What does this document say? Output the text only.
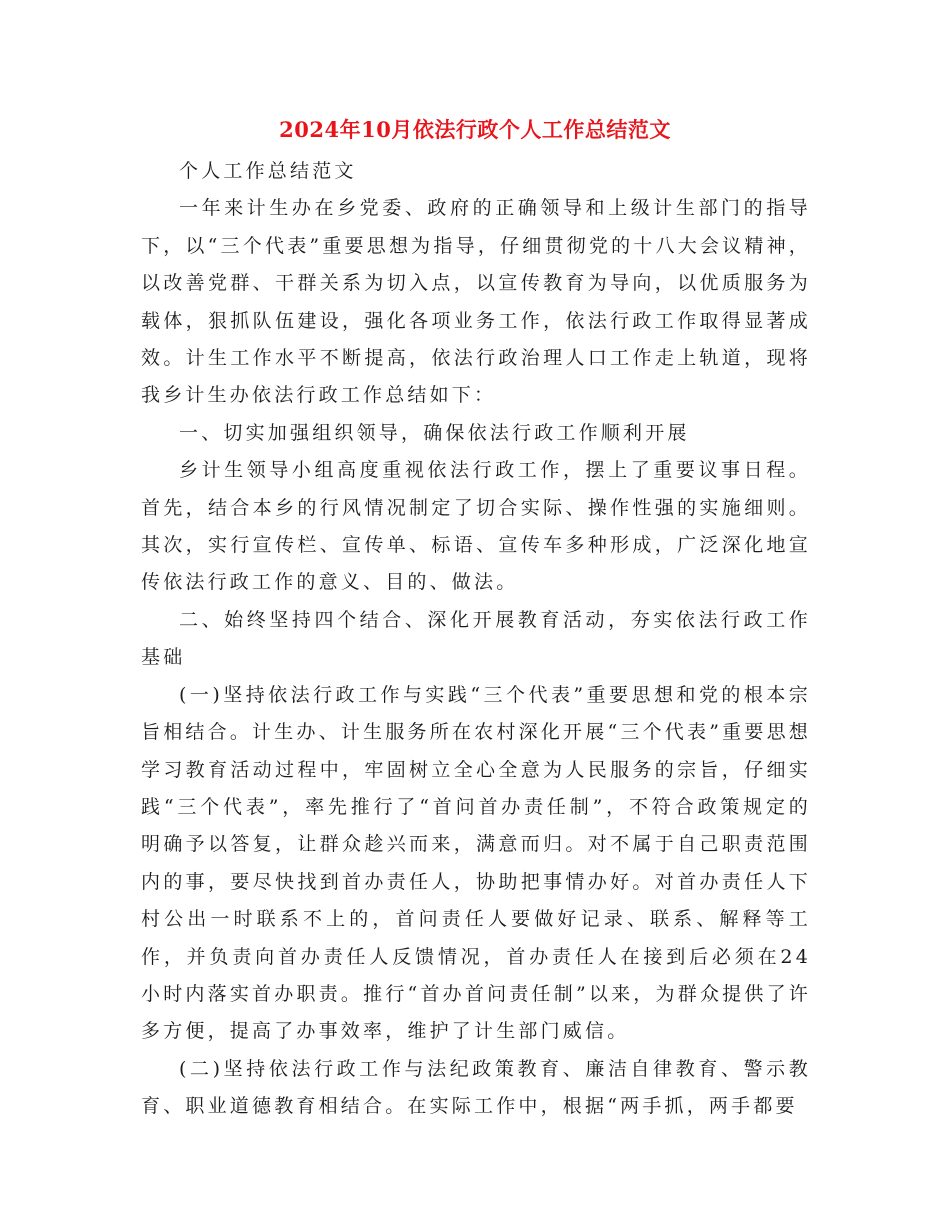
2024年10月依法行政个人工作总结范文

个人工作总结范文

一年来计生办在乡党委、政府的正确领导和上级计生部门的指导下，以“三个代表”重要思想为指导，仔细贯彻党的十八大会议精神，以改善党群、干群关系为切入点，以宣传教育为导向，以优质服务为载体，狠抓队伍建设，强化各项业务工作，依法行政工作取得显著成效。计生工作水平不断提高，依法行政治理人口工作走上轨道，现将我乡计生办依法行政工作总结如下：

一、切实加强组织领导，确保依法行政工作顺利开展

乡计生领导小组高度重视依法行政工作，摆上了重要议事日程。首先，结合本乡的行风情况制定了切合实际、操作性强的实施细则。其次，实行宣传栏、宣传单、标语、宣传车多种形成，广泛深化地宣传依法行政工作的意义、目的、做法。

二、始终坚持四个结合、深化开展教育活动，夯实依法行政工作基础

(一)坚持依法行政工作与实践“三个代表”重要思想和党的根本宗旨相结合。计生办、计生服务所在农村深化开展“三个代表”重要思想学习教育活动过程中，牢固树立全心全意为人民服务的宗旨，仔细实践“三个代表”，率先推行了“首问首办责任制”，不符合政策规定的明确予以答复，让群众趁兴而来，满意而归。对不属于自己职责范围内的事，要尽快找到首办责任人，协助把事情办好。对首办责任人下村公出一时联系不上的，首问责任人要做好记录、联系、解释等工作，并负责向首办责任人反馈情况，首办责任人在接到后必须在24小时内落实首办职责。推行“首办首问责任制”以来，为群众提供了许多方便，提高了办事效率，维护了计生部门威信。

(二)坚持依法行政工作与法纪政策教育、廉洁自律教育、警示教育、职业道德教育相结合。在实际工作中，根据“两手抓，两手都要
